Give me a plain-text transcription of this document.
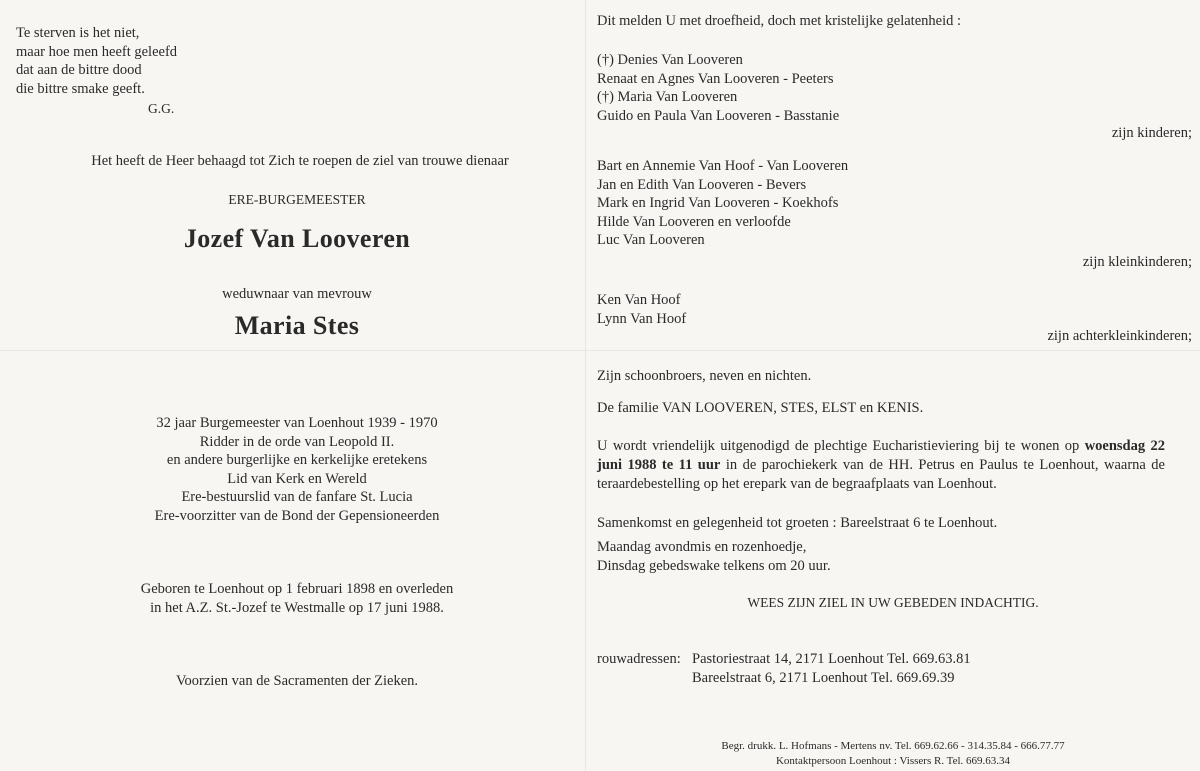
Te sterven is het niet,
maar hoe men heeft geleefd
dat aan de bittre dood
die bittre smake geeft.
G.G.
Het heeft de Heer behaagd tot Zich te roepen de ziel van trouwe dienaar
ERE-BURGEMEESTER
Jozef Van Looveren
weduwnaar van mevrouw
Maria Stes
32 jaar Burgemeester van Loenhout 1939 - 1970
Ridder in de orde van Leopold II.
en andere burgerlijke en kerkelijke eretekens
Lid van Kerk en Wereld
Ere-bestuurslid van de fanfare St. Lucia
Ere-voorzitter van de Bond der Gepensioneerden
Geboren te Loenhout op 1 februari 1898 en overleden
in het A.Z. St.-Jozef te Westmalle op 17 juni 1988.
Voorzien van de Sacramenten der Zieken.
Dit melden U met droefheid, doch met kristelijke gelatenheid :
(†) Denies Van Looveren
Renaat en Agnes Van Looveren - Peeters
(†) Maria Van Looveren
Guido en Paula Van Looveren - Basstanie
zijn kinderen;
Bart en Annemie Van Hoof - Van Looveren
Jan en Edith Van Looveren - Bevers
Mark en Ingrid Van Looveren - Koekhofs
Hilde Van Looveren en verloofde
Luc Van Looveren
zijn kleinkinderen;
Ken Van Hoof
Lynn Van Hoof
zijn achterkleinkinderen;
Zijn schoonbroers, neven en nichten.
De familie VAN LOOVEREN, STES, ELST en KENIS.
U wordt vriendelijk uitgenodigd de plechtige Eucharistieviering bij te wonen op woensdag 22 juni 1988 te 11 uur in de parochiekerk van de HH. Petrus en Paulus te Loenhout, waarna de teraardebestelling op het erepark van de begraafplaats van Loenhout.
Samenkomst en gelegenheid tot groeten : Bareelstraat 6 te Loenhout.
Maandag avondmis en rozenhoedje,
Dinsdag gebedswake telkens om 20 uur.
WEES ZIJN ZIEL IN UW GEBEDEN INDACHTIG.
rouwadressen: Pastoriestraat 14, 2171 Loenhout Tel. 669.63.81
Bareelstraat 6, 2171 Loenhout Tel. 669.69.39
Begr. drukk. L. Hofmans - Mertens nv. Tel. 669.62.66 - 314.35.84 - 666.77.77
Kontaktpersoon Loenhout : Vissers R. Tel. 669.63.34
